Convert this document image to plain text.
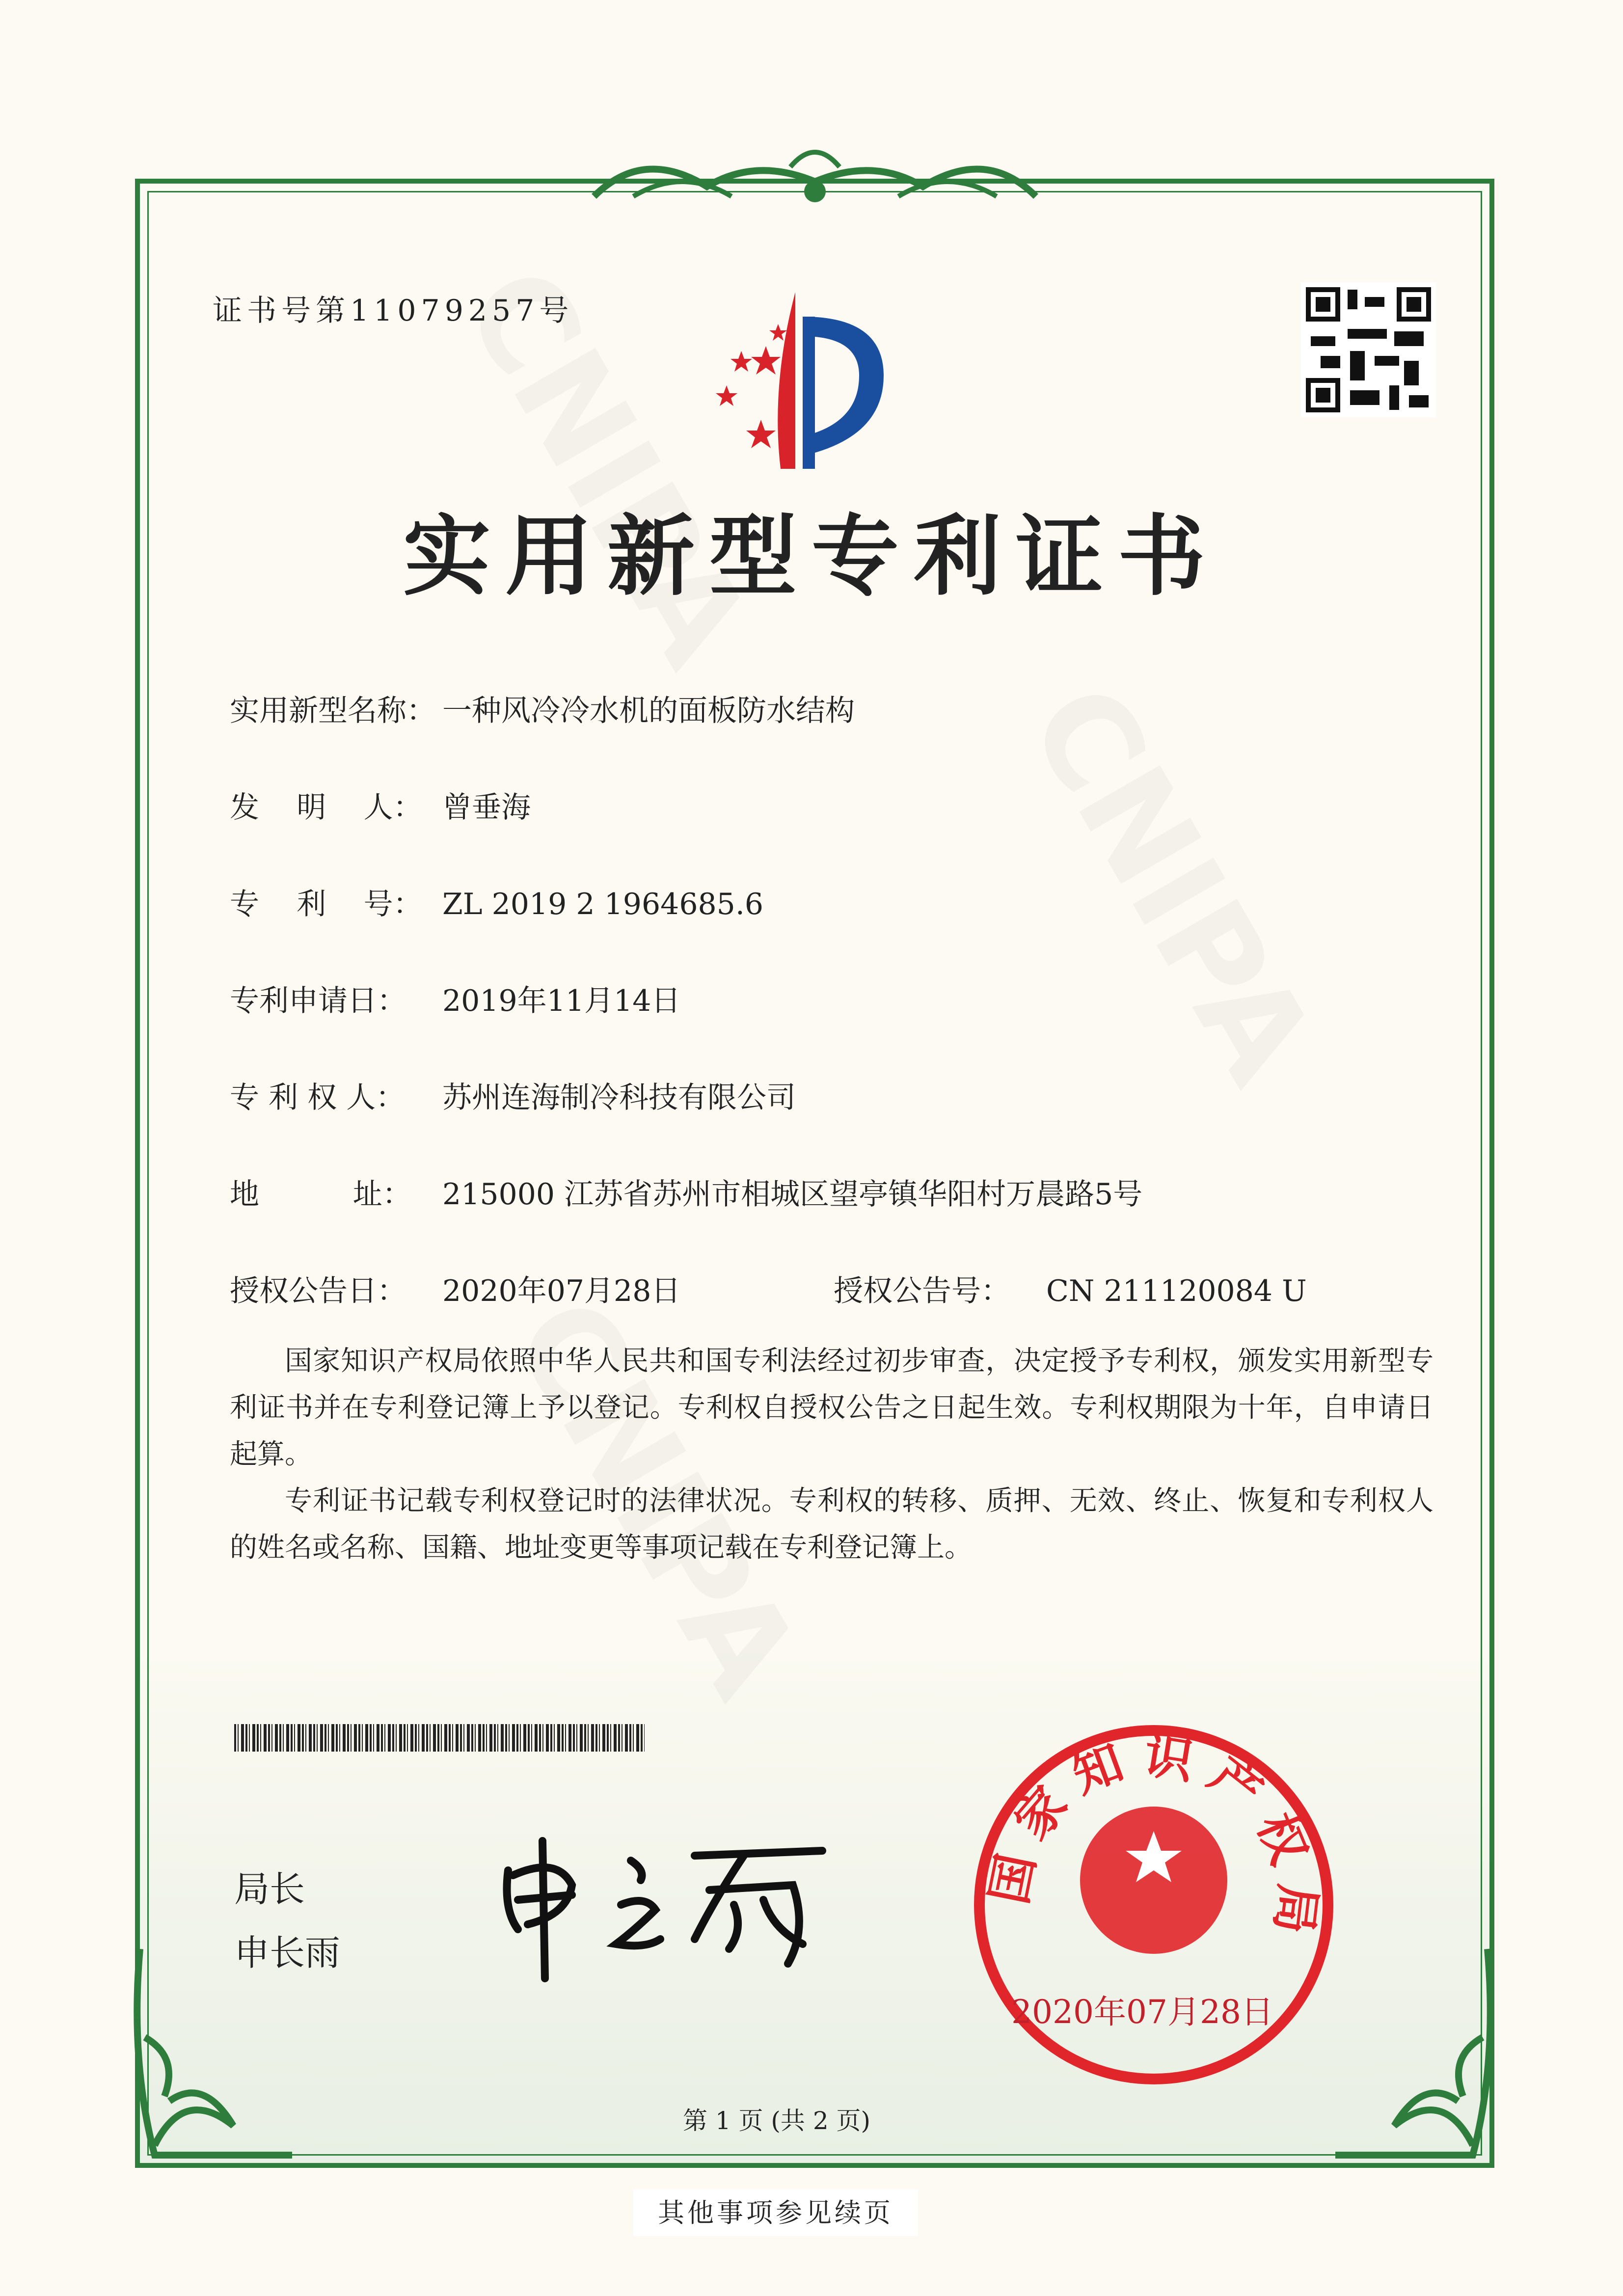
证书号第11079257号
实用新型专利证书
实用新型名称： 一种风冷冷水机的面板防水结构
发    明    人： 曾垂海
专    利    号： ZL 2019 2 1964685.6
专利申请日： 2019年11月14日
专 利 权 人： 苏州连海制冷科技有限公司
地          址： 215000 江苏省苏州市相城区望亭镇华阳村万晨路5号
授权公告日： 2020年07月28日	授权公告号： CN 211120084 U

国家知识产权局依照中华人民共和国专利法经过初步审查，决定授予专利权，颁发实用新型专利证书并在专利登记簿上予以登记。专利权自授权公告之日起生效。专利权期限为十年，自申请日起算。

专利证书记载专利权登记时的法律状况。专利权的转移、质押、无效、终止、恢复和专利权人的姓名或名称、国籍、地址变更等事项记载在专利登记簿上。

局长
申长雨
国家知识产权局
2020年07月28日
第 1 页 (共 2 页)
其他事项参见续页
